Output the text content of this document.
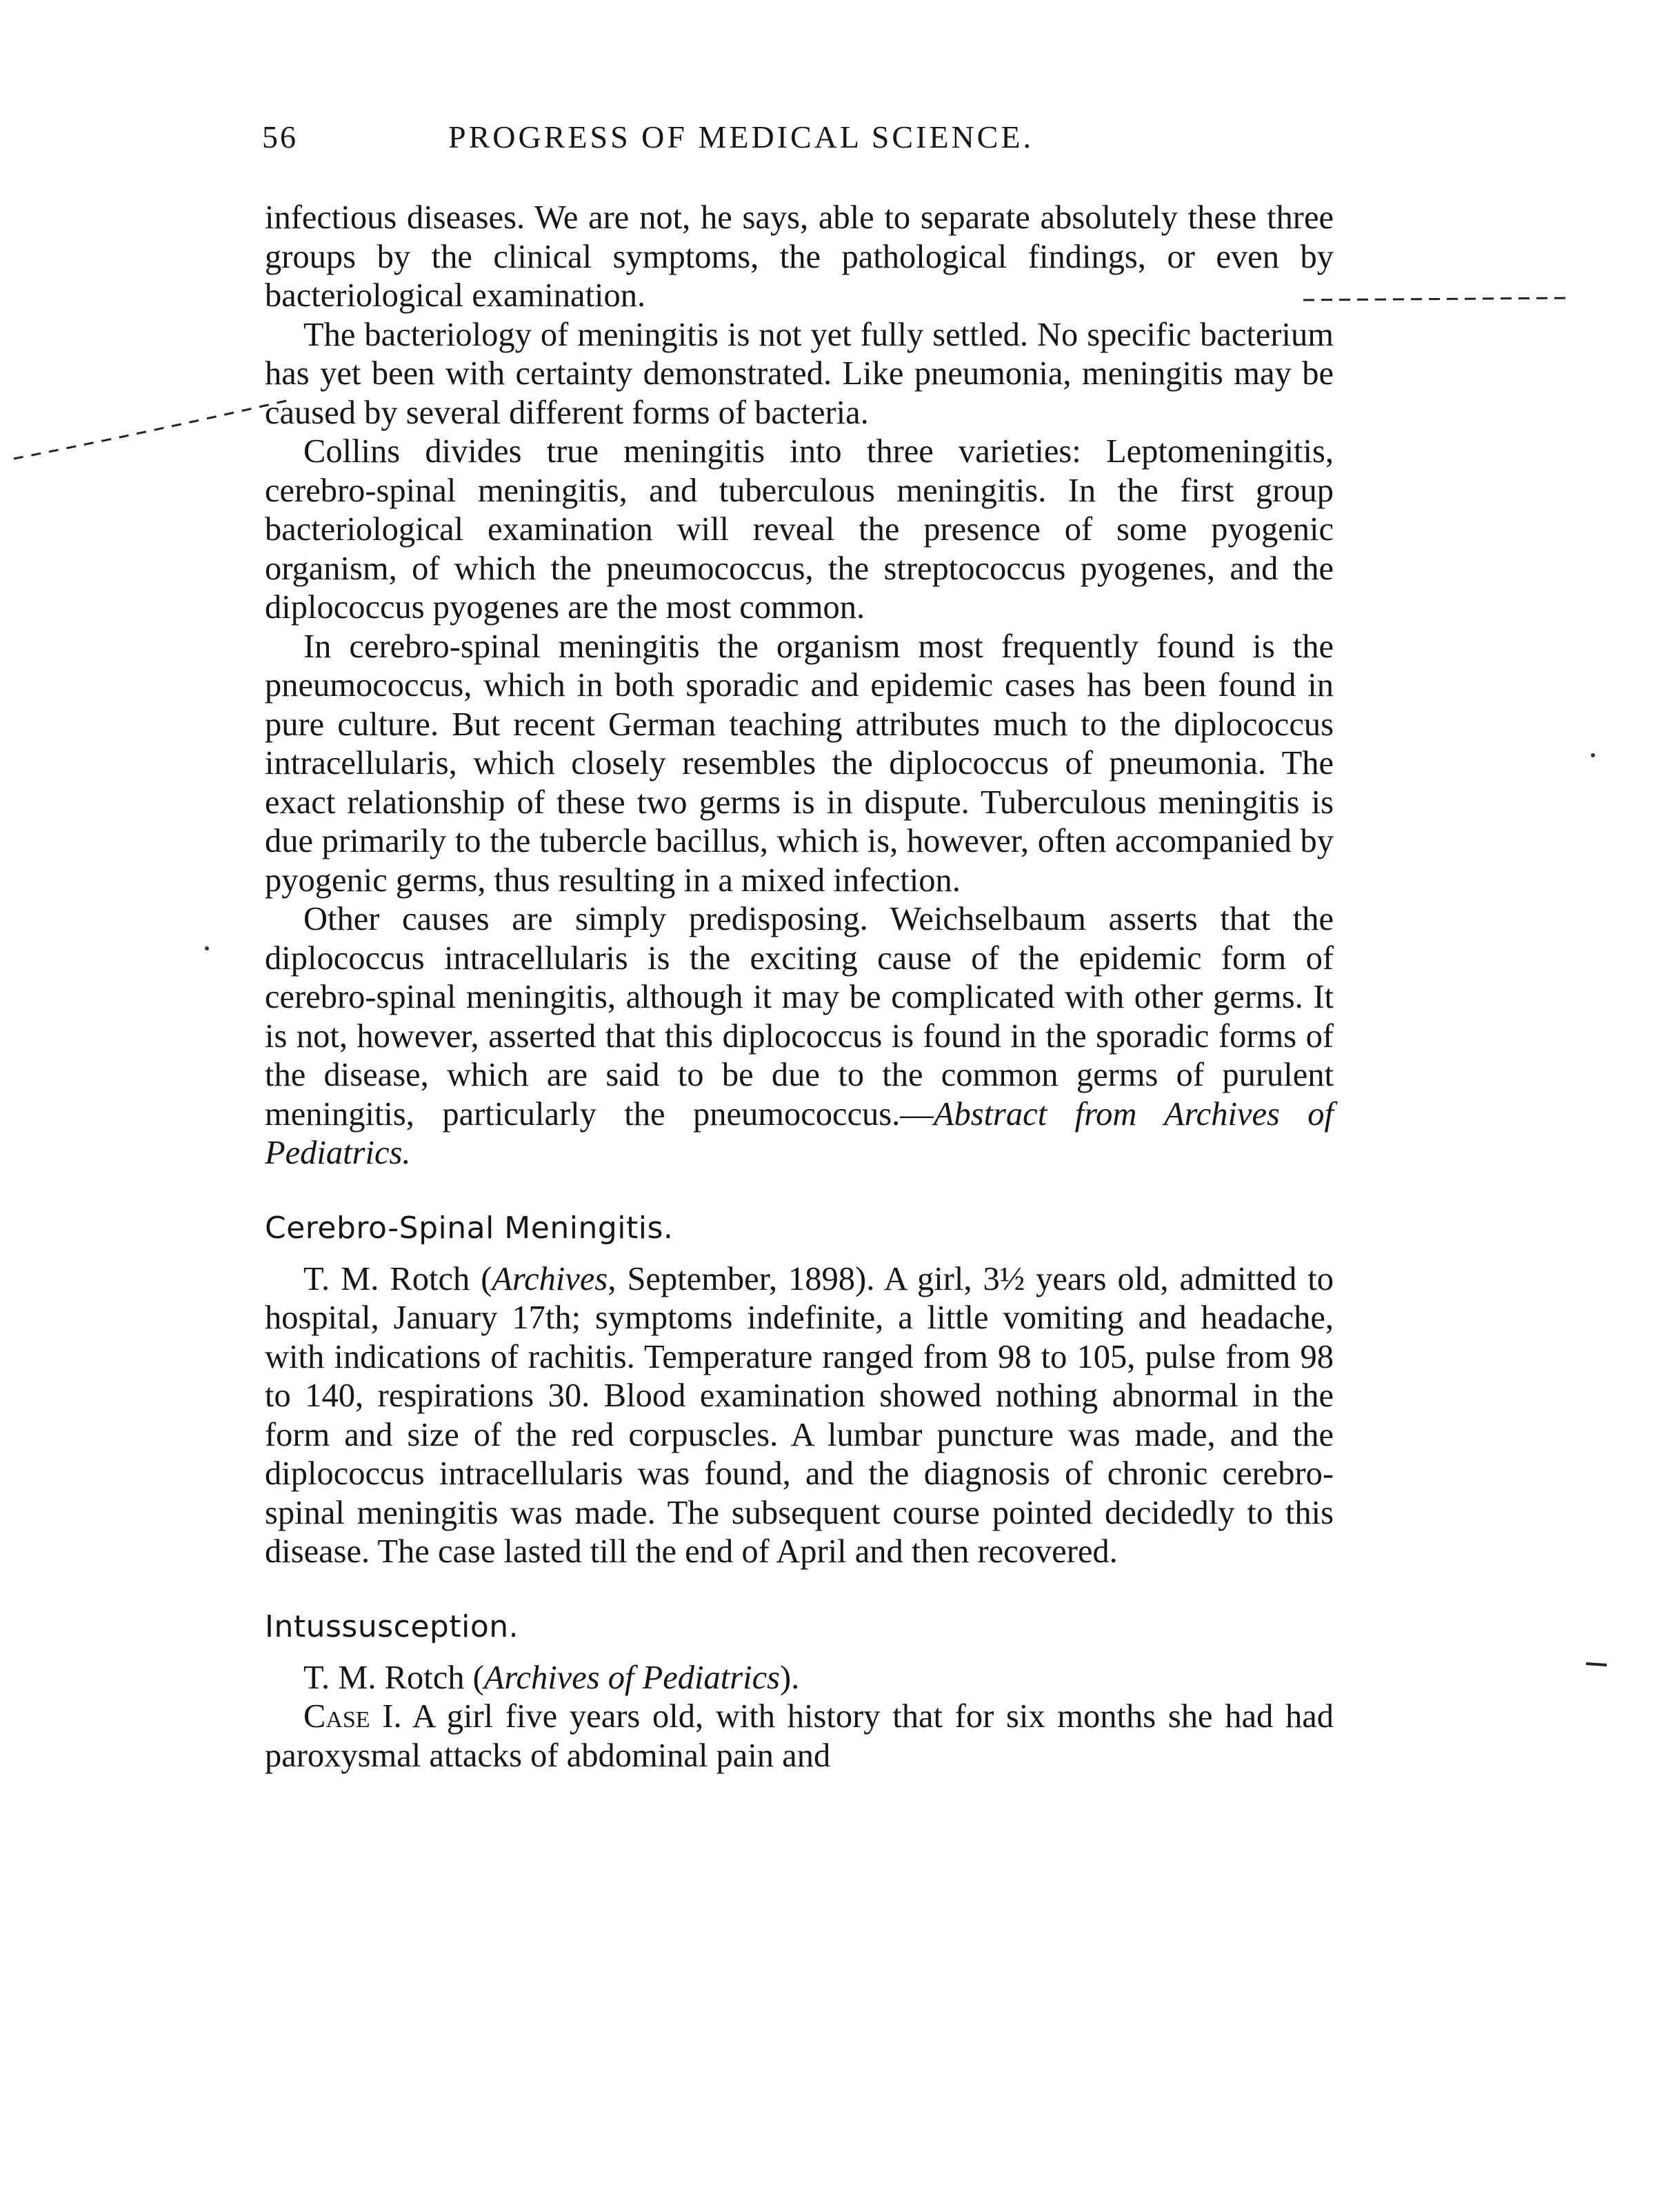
56	PROGRESS OF MEDICAL SCIENCE.

infectious diseases. We are not, he says, able to separate absolutely these three groups by the clinical symptoms, the pathological findings, or even by bacteriological examination.

The bacteriology of meningitis is not yet fully settled. No specific bacterium has yet been with certainty demonstrated. Like pneumonia, meningitis may be caused by several different forms of bacteria.

Collins divides true meningitis into three varieties: Leptomeningitis, cerebro-spinal meningitis, and tuberculous meningitis. In the first group bacteriological examination will reveal the presence of some pyogenic organism, of which the pneumococcus, the streptococcus pyogenes, and the diplococcus pyogenes are the most common.

In cerebro-spinal meningitis the organism most frequently found is the pneumococcus, which in both sporadic and epidemic cases has been found in pure culture. But recent German teaching attributes much to the diplococcus intracellularis, which closely resembles the diplococcus of pneumonia. The exact relationship of these two germs is in dispute. Tuberculous meningitis is due primarily to the tubercle bacillus, which is, however, often accompanied by pyogenic germs, thus resulting in a mixed infection.

Other causes are simply predisposing. Weichselbaum asserts that the diplococcus intracellularis is the exciting cause of the epidemic form of cerebro-spinal meningitis, although it may be complicated with other germs. It is not, however, asserted that this diplococcus is found in the sporadic forms of the disease, which are said to be due to the common germs of purulent meningitis, particularly the pneumococcus.—Abstract from Archives of Pediatrics.

Cerebro-Spinal Meningitis.

T. M. Rotch (Archives, September, 1898). A girl, 3½ years old, admitted to hospital, January 17th; symptoms indefinite, a little vomiting and headache, with indications of rachitis. Temperature ranged from 98 to 105, pulse from 98 to 140, respirations 30. Blood examination showed nothing abnormal in the form and size of the red corpuscles. A lumbar puncture was made, and the diplococcus intracellularis was found, and the diagnosis of chronic cerebro-spinal meningitis was made. The subsequent course pointed decidedly to this disease. The case lasted till the end of April and then recovered.

Intussusception.

T. M. Rotch (Archives of Pediatrics).

Case I. A girl five years old, with history that for six months she had had paroxysmal attacks of abdominal pain and
